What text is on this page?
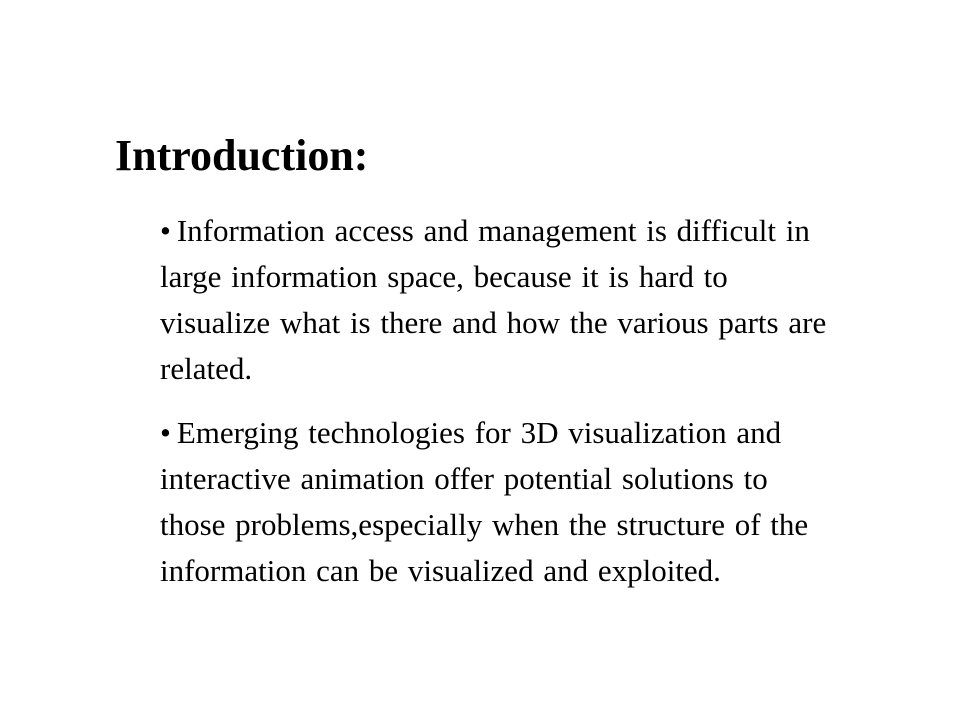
Introduction:
• Information access and management is difficult in large information space, because it is hard to visualize what is there and how the various parts are related.
• Emerging technologies for 3D visualization and interactive animation offer potential solutions to those problems,especially when the structure of the information can be visualized and exploited.
